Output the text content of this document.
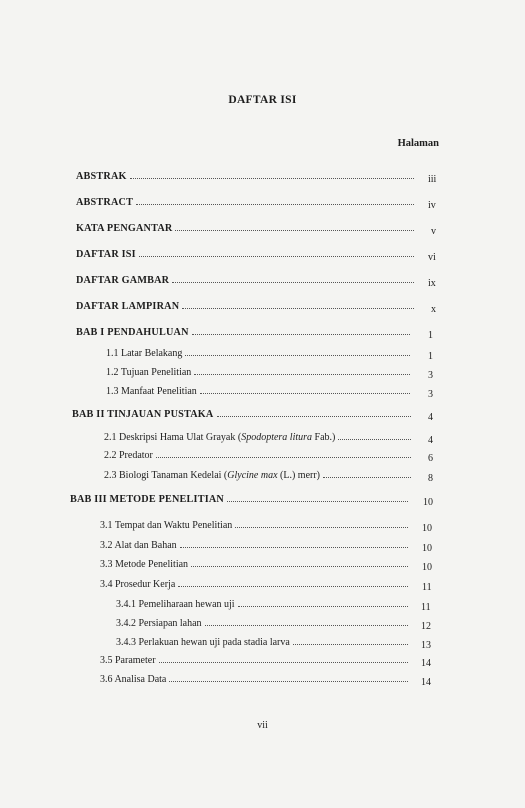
DAFTAR ISI
Halaman
ABSTRAK	iii
ABSTRACT	iv
KATA PENGANTAR	v
DAFTAR ISI	vi
DAFTAR GAMBAR	ix
DAFTAR LAMPIRAN	x
BAB I PENDAHULUAN	1
1.1 Latar Belakang	1
1.2 Tujuan Penelitian	3
1.3 Manfaat Penelitian	3
BAB II TINJAUAN PUSTAKA	4
2.1 Deskripsi Hama Ulat Grayak (Spodoptera litura Fab.)	4
2.2 Predator	6
2.3 Biologi Tanaman Kedelai (Glycine max (L.) merr)	8
BAB III METODE PENELITIAN	10
3.1 Tempat dan Waktu Penelitian	10
3.2 Alat dan Bahan	10
3.3 Metode Penelitian	10
3.4 Prosedur Kerja	11
3.4.1 Pemeliharaan hewan uji	11
3.4.2 Persiapan lahan	12
3.4.3 Perlakuan hewan uji pada stadia larva	13
3.5 Parameter	14
3.6 Analisa Data	14
vii
